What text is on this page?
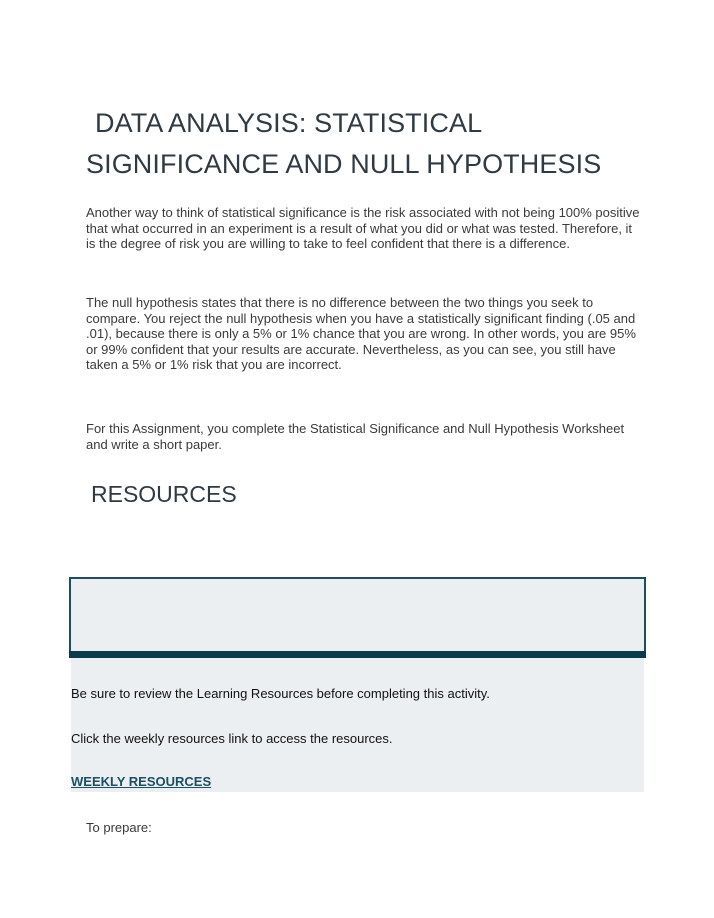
DATA ANALYSIS: STATISTICAL
SIGNIFICANCE AND NULL HYPOTHESIS

Another way to think of statistical significance is the risk associated with not being 100% positive that what occurred in an experiment is a result of what you did or what was tested. Therefore, it is the degree of risk you are willing to take to feel confident that there is a difference.

The null hypothesis states that there is no difference between the two things you seek to compare. You reject the null hypothesis when you have a statistically significant finding (.05 and .01), because there is only a 5% or 1% chance that you are wrong. In other words, you are 95% or 99% confident that your results are accurate. Nevertheless, as you can see, you still have taken a 5% or 1% risk that you are incorrect.

For this Assignment, you complete the Statistical Significance and Null Hypothesis Worksheet and write a short paper.

RESOURCES

Be sure to review the Learning Resources before completing this activity.

Click the weekly resources link to access the resources.

WEEKLY RESOURCES

To prepare:
